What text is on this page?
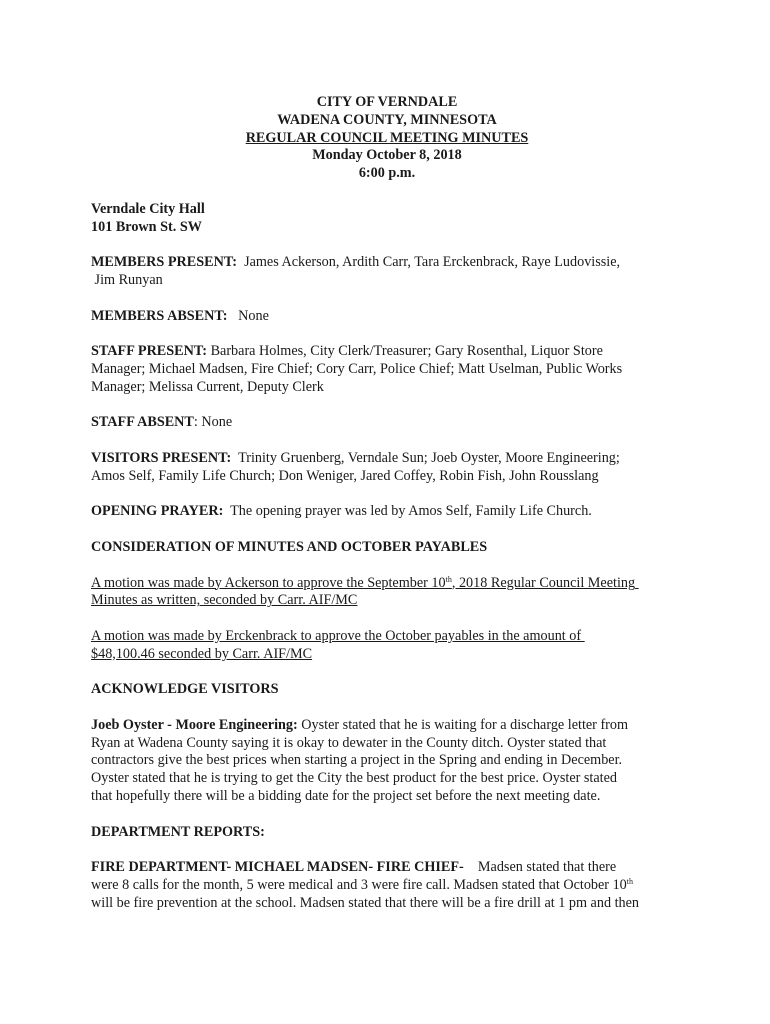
CITY OF VERNDALE
WADENA COUNTY, MINNESOTA
REGULAR COUNCIL MEETING MINUTES
Monday October 8, 2018
6:00 p.m.

Verndale City Hall

101 Brown St. SW

MEMBERS PRESENT: James Ackerson, Ardith Carr, Tara Erckenbrack, Raye Ludovissie,

Jim Runyan

MEMBERS ABSENT: None

STAFF PRESENT: Barbara Holmes, City Clerk/Treasurer; Gary Rosenthal, Liquor Store

Manager; Michael Madsen, Fire Chief; Cory Carr, Police Chief; Matt Uselman, Public Works

Manager; Melissa Current, Deputy Clerk

STAFF ABSENT: None

VISITORS PRESENT: Trinity Gruenberg, Verndale Sun; Joeb Oyster, Moore Engineering;

Amos Self, Family Life Church; Don Weniger, Jared Coffey, Robin Fish, John Rousslang

OPENING PRAYER: The opening prayer was led by Amos Self, Family Life Church.

CONSIDERATION OF MINUTES AND OCTOBER PAYABLES

A motion was made by Ackerson to approve the September 10th, 2018 Regular Council Meeting

Minutes as written, seconded by Carr. AIF/MC

A motion was made by Erckenbrack to approve the October payables in the amount of

$48,100.46 seconded by Carr. AIF/MC

ACKNOWLEDGE VISITORS

Joeb Oyster - Moore Engineering: Oyster stated that he is waiting for a discharge letter from

Ryan at Wadena County saying it is okay to dewater in the County ditch. Oyster stated that

contractors give the best prices when starting a project in the Spring and ending in December.

Oyster stated that he is trying to get the City the best product for the best price. Oyster stated

that hopefully there will be a bidding date for the project set before the next meeting date.

DEPARTMENT REPORTS:

FIRE DEPARTMENT- MICHAEL MADSEN- FIRE CHIEF- Madsen stated that there

were 8 calls for the month, 5 were medical and 3 were fire call. Madsen stated that October 10th

will be fire prevention at the school. Madsen stated that there will be a fire drill at 1 pm and then
